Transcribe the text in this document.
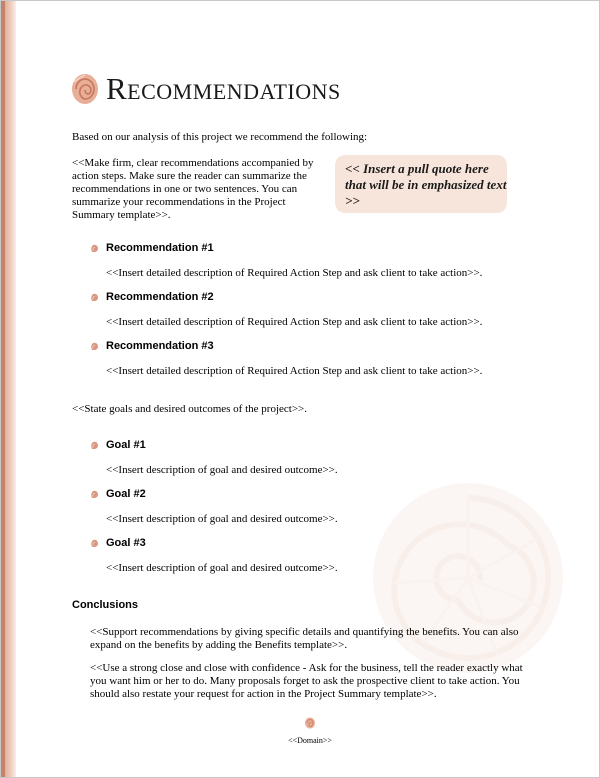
Recommendations

Based on our analysis of this project we recommend the following:

<<Make firm, clear recommendations accompanied by action steps. Make sure the reader can summarize the recommendations in one or two sentences. You can summarize your recommendations in the Project Summary template>>.

<< Insert a pull quote here that will be in emphasized text >>
Recommendation #1

<<Insert detailed description of Required Action Step and ask client to take action>>.

Recommendation #2

<<Insert detailed description of Required Action Step and ask client to take action>>.

Recommendation #3

<<Insert detailed description of Required Action Step and ask client to take action>>.

<<State goals and desired outcomes of the project>>.

Goal #1

<<Insert description of goal and desired outcome>>.

Goal #2

<<Insert description of goal and desired outcome>>.

Goal #3

<<Insert description of goal and desired outcome>>.

Conclusions

<<Support recommendations by giving specific details and quantifying the benefits. You can also expand on the benefits by adding the Benefits template>>.

<<Use a strong close and close with confidence - Ask for the business, tell the reader exactly what you want him or her to do. Many proposals forget to ask the prospective client to take action. You should also restate your request for action in the Project Summary template>>.

<<Domain>>
